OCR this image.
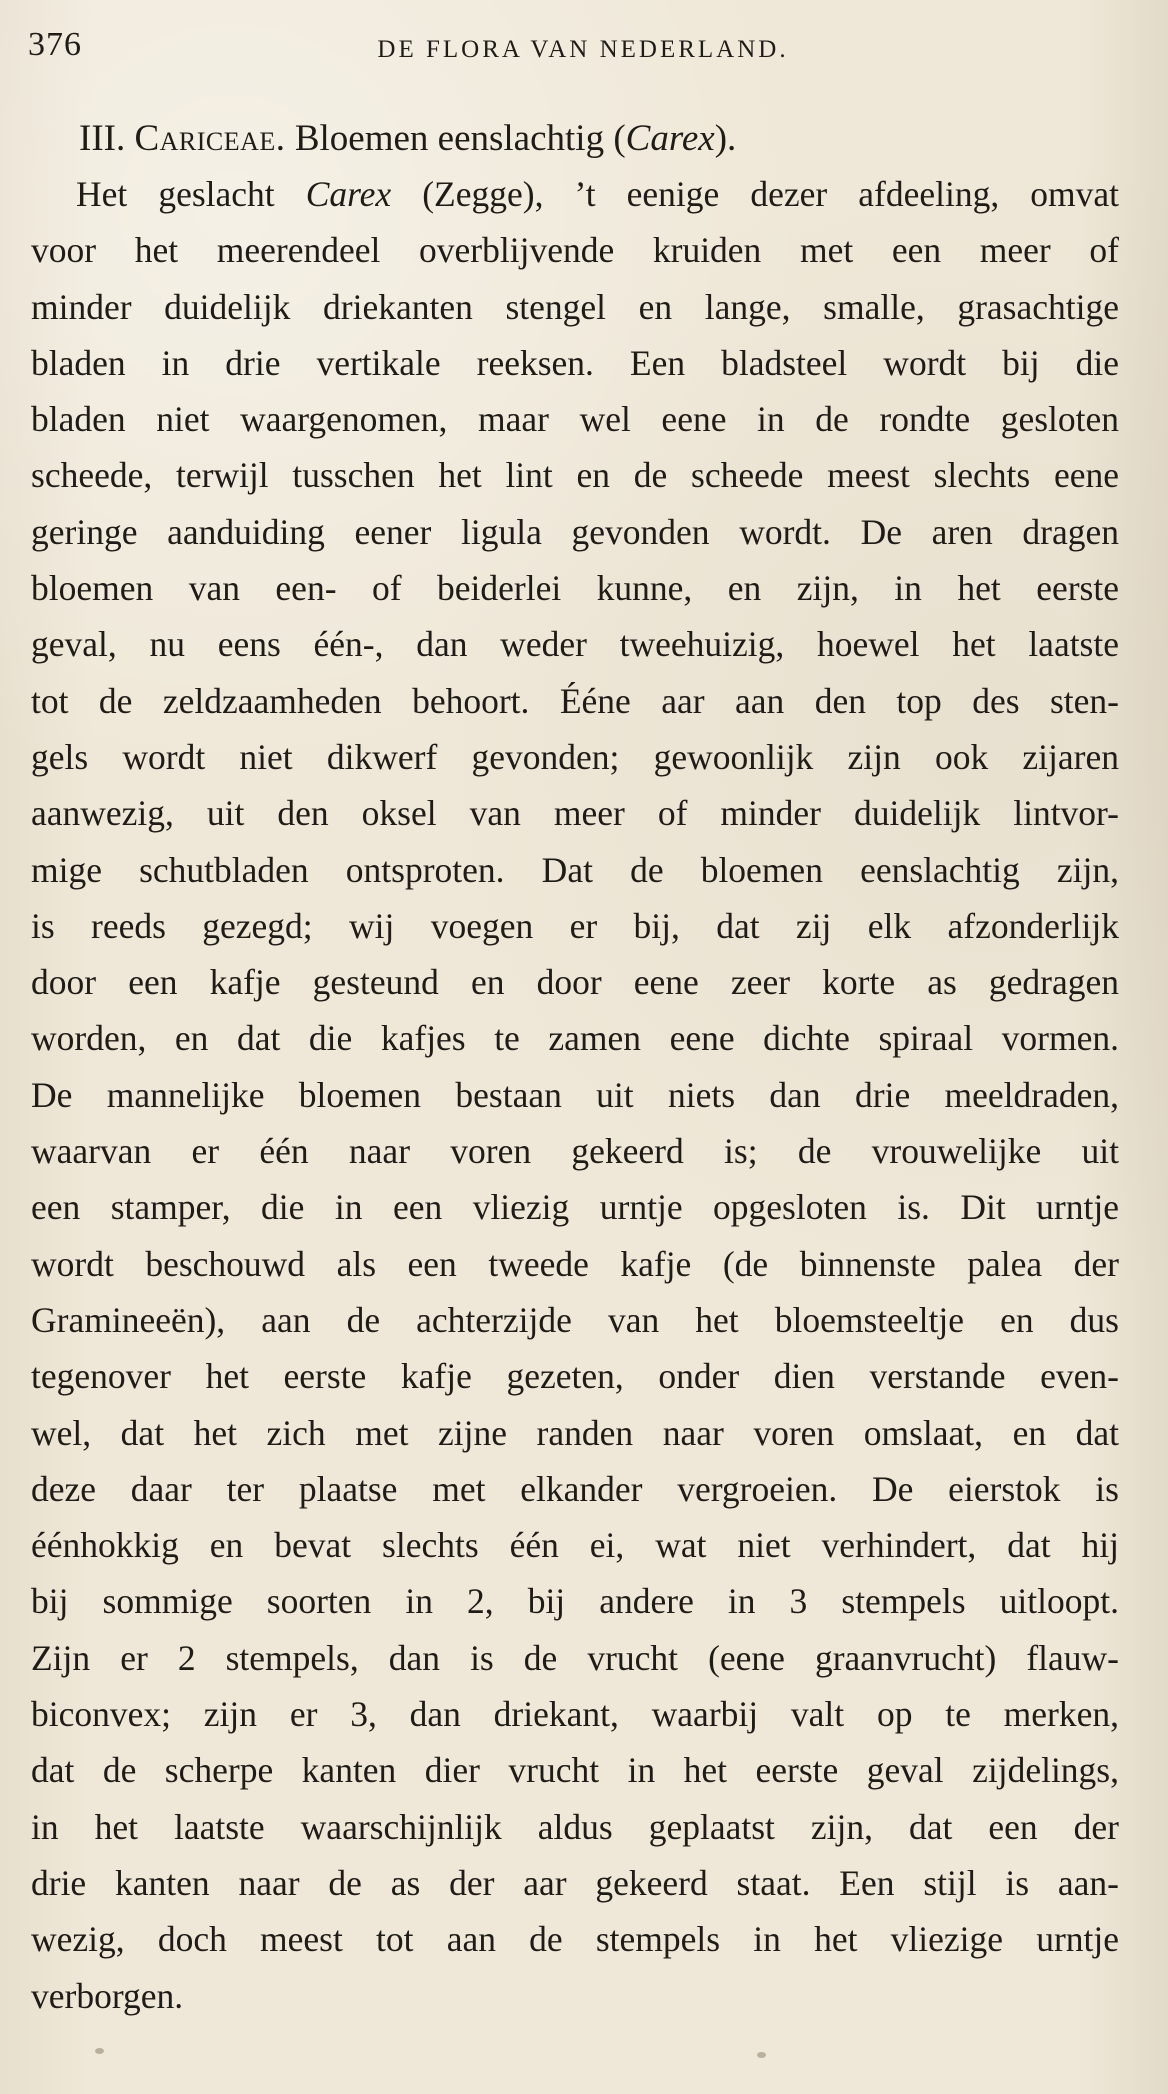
376	DE FLORA VAN NEDERLAND.
III. Cariceae. Bloemen eenslachtig (Carex).
Het geslacht Carex (Zegge), ’t eenige dezer afdeeling, omvat
voor het meerendeel overblijvende kruiden met een meer of
minder duidelijk driekanten stengel en lange, smalle, grasachtige
bladen in drie vertikale reeksen. Een bladsteel wordt bij die
bladen niet waargenomen, maar wel eene in de rondte gesloten
scheede, terwijl tusschen het lint en de scheede meest slechts eene
geringe aanduiding eener ligula gevonden wordt. De aren dragen
bloemen van een- of beiderlei kunne, en zijn, in het eerste
geval, nu eens één-, dan weder tweehuizig, hoewel het laatste
tot de zeldzaamheden behoort. Ééne aar aan den top des sten-
gels wordt niet dikwerf gevonden; gewoonlijk zijn ook zijaren
aanwezig, uit den oksel van meer of minder duidelijk lintvor-
mige schutbladen ontsproten. Dat de bloemen eenslachtig zijn,
is reeds gezegd; wij voegen er bij, dat zij elk afzonderlijk
door een kafje gesteund en door eene zeer korte as gedragen
worden, en dat die kafjes te zamen eene dichte spiraal vormen.
De mannelijke bloemen bestaan uit niets dan drie meeldraden,
waarvan er één naar voren gekeerd is; de vrouwelijke uit
een stamper, die in een vliezig urntje opgesloten is. Dit urntje
wordt beschouwd als een tweede kafje (de binnenste palea der
Gramineeën), aan de achterzijde van het bloemsteeltje en dus
tegenover het eerste kafje gezeten, onder dien verstande even-
wel, dat het zich met zijne randen naar voren omslaat, en dat
deze daar ter plaatse met elkander vergroeien. De eierstok is
éénhokkig en bevat slechts één ei, wat niet verhindert, dat hij
bij sommige soorten in 2, bij andere in 3 stempels uitloopt.
Zijn er 2 stempels, dan is de vrucht (eene graanvrucht) flauw-
biconvex; zijn er 3, dan driekant, waarbij valt op te merken,
dat de scherpe kanten dier vrucht in het eerste geval zijdelings,
in het laatste waarschijnlijk aldus geplaatst zijn, dat een der
drie kanten naar de as der aar gekeerd staat. Een stijl is aan-
wezig, doch meest tot aan de stempels in het vliezige urntje
verborgen.
